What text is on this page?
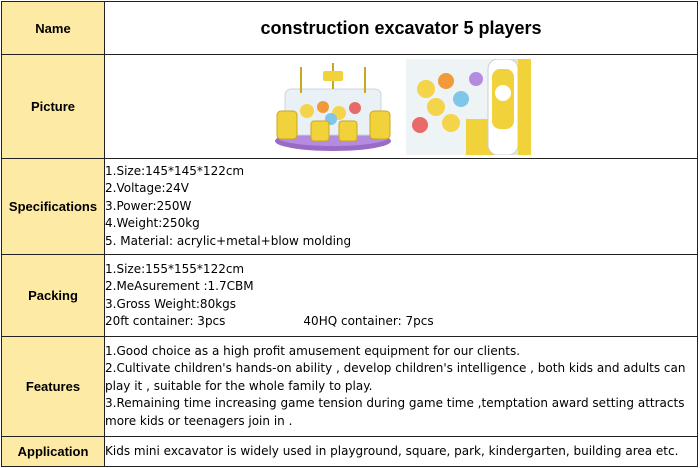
Name	construction excavator 5 players
Picture	

Specifications	1.Size:145*145*122cm
2.Voltage:24V
3.Power:250W
4.Weight:250kg
5. Material: acrylic+metal+blow molding

Packing	1.Size:155*155*122cm
2.MeAsurement :1.7CBM
3.Gross Weight:80kgs
20ft container: 3pcs 40HQ container: 7pcs

Features	1.Good choice as a high profit amusement equipment for our clients.
2.Cultivate children's hands-on ability , develop children's intelligence , both kids and adults can play it , suitable for the whole family to play.
3.Remaining time increasing game tension during game time ,temptation award setting attracts more kids or teenagers join in .

Application	Kids mini excavator is widely used in playground, square, park, kindergarten, building area etc.
